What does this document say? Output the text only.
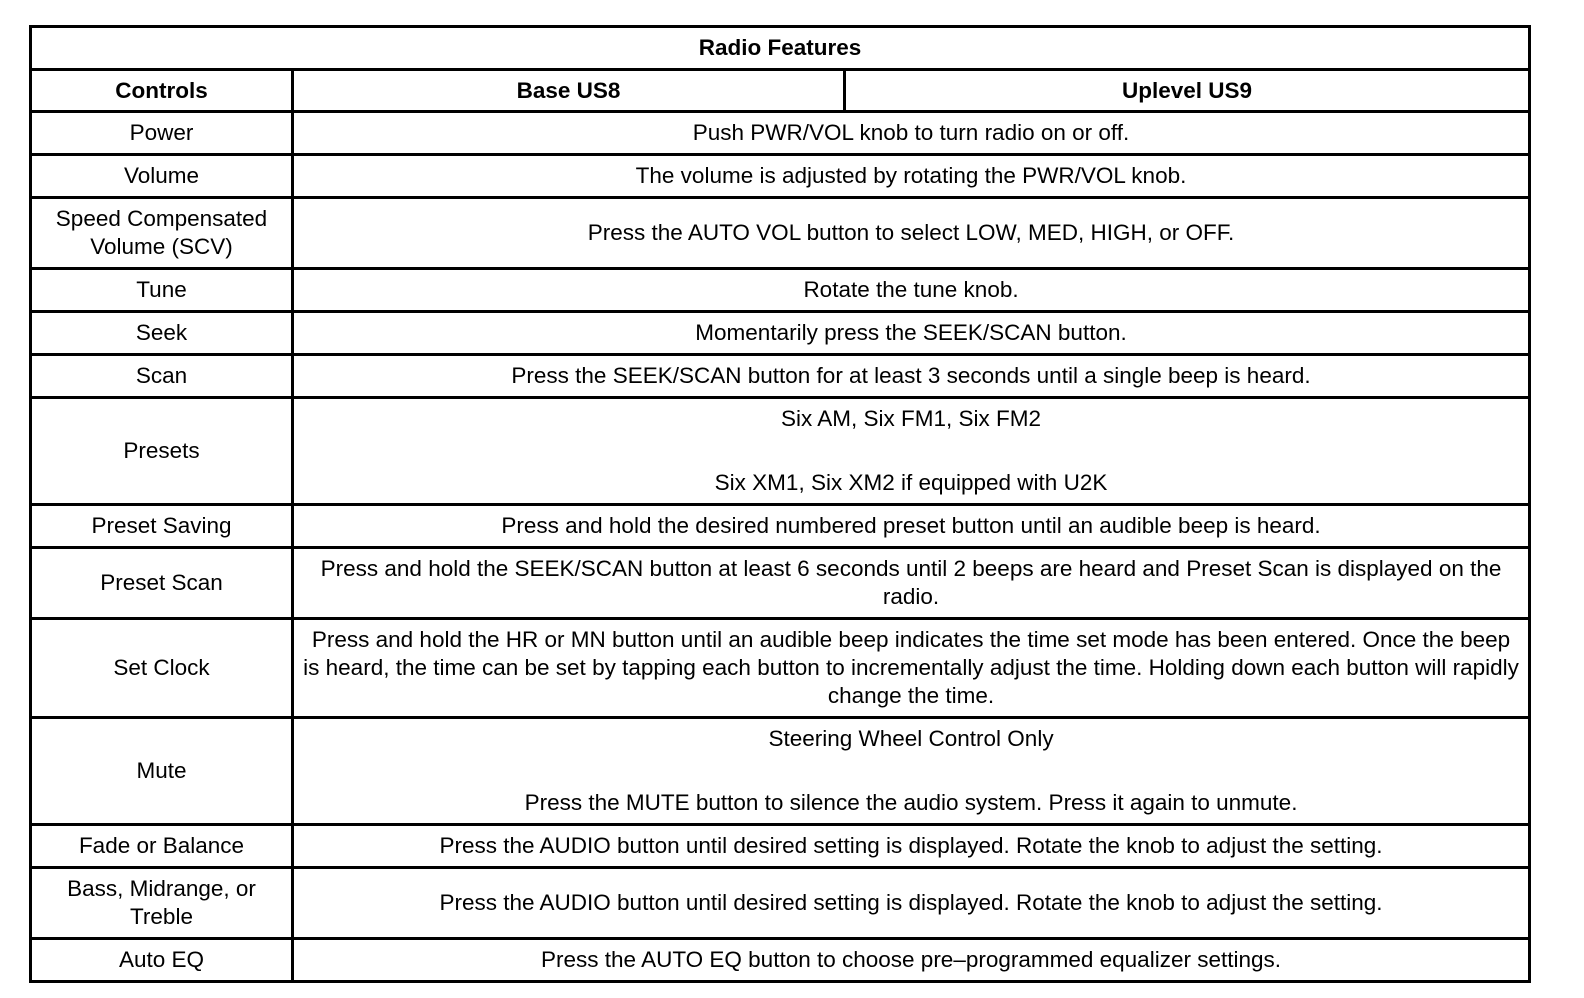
Radio Features		
Controls	Base US8	Uplevel US9
Power	Push PWR/VOL knob to turn radio on or off.	

Volume	The volume is adjusted by rotating the PWR/VOL knob.	

Speed Compensated Volume (SCV)	Press the AUTO VOL button to select LOW, MED, HIGH, or OFF.	

Tune	Rotate the tune knob.	

Seek	Momentarily press the SEEK/SCAN button.	

Scan	Press the SEEK/SCAN button for at least 3 seconds until a single beep is heard.	

Presets	Six AM, Six FM1, Six FM2
Six XM1, Six XM2 if equipped with U2K	

Preset Saving	Press and hold the desired numbered preset button until an audible beep is heard.	

Preset Scan	Press and hold the SEEK/SCAN button at least 6 seconds until 2 beeps are heard and Preset Scan is displayed on the radio.	

Set Clock	Press and hold the HR or MN button until an audible beep indicates the time set mode has been entered. Once the beep is heard, the time can be set by tapping each button to incrementally adjust the time. Holding down each button will rapidly change the time.	

Mute	Steering Wheel Control Only
Press the MUTE button to silence the audio system. Press it again to unmute.	

Fade or Balance	Press the AUDIO button until desired setting is displayed. Rotate the knob to adjust the setting.	

Bass, Midrange, or Treble	Press the AUDIO button until desired setting is displayed. Rotate the knob to adjust the setting.	

Auto EQ	Press the AUTO EQ button to choose pre–programmed equalizer settings.	
